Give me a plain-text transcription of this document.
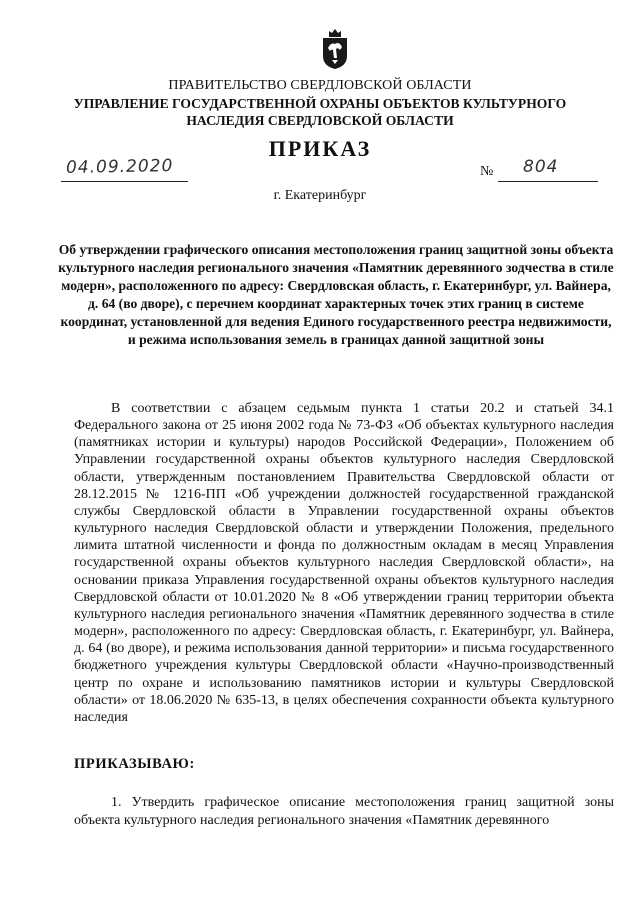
ПРАВИТЕЛЬСТВО СВЕРДЛОВСКОЙ ОБЛАСТИ
УПРАВЛЕНИЕ ГОСУДАРСТВЕННОЙ ОХРАНЫ ОБЪЕКТОВ КУЛЬТУРНОГО НАСЛЕДИЯ СВЕРДЛОВСКОЙ ОБЛАСТИ
ПРИКАЗ
04.09.2020	№ 804
г. Екатеринбург
Об утверждении графического описания местоположения границ защитной зоны объекта культурного наследия регионального значения «Памятник деревянного зодчества в стиле модерн», расположенного по адресу: Свердловская область, г. Екатеринбург, ул. Вайнера, д. 64 (во дворе), с перечнем координат характерных точек этих границ в системе координат, установленной для ведения Единого государственного реестра недвижимости, и режима использования земель в границах данной защитной зоны

В соответствии с абзацем седьмым пункта 1 статьи 20.2 и статьей 34.1 Федерального закона от 25 июня 2002 года № 73-ФЗ «Об объектах культурного наследия (памятниках истории и культуры) народов Российской Федерации», Положением об Управлении государственной охраны объектов культурного наследия Свердловской области, утвержденным постановлением Правительства Свердловской области от 28.12.2015 № 1216-ПП «Об учреждении должностей государственной гражданской службы Свердловской области в Управлении государственной охраны объектов культурного наследия Свердловской области и утверждении Положения, предельного лимита штатной численности и фонда по должностным окладам в месяц Управления государственной охраны объектов культурного наследия Свердловской области», на основании приказа Управления государственной охраны объектов культурного наследия Свердловской области от 10.01.2020 № 8 «Об утверждении границ территории объекта культурного наследия регионального значения «Памятник деревянного зодчества в стиле модерн», расположенного по адресу: Свердловская область, г. Екатеринбург, ул. Вайнера, д. 64 (во дворе), и режима использования данной территории» и письма государственного бюджетного учреждения культуры Свердловской области «Научно-производственный центр по охране и использованию памятников истории и культуры Свердловской области» от 18.06.2020 № 635-13, в целях обеспечения сохранности объекта культурного наследия

ПРИКАЗЫВАЮ:

1. Утвердить графическое описание местоположения границ защитной зоны объекта культурного наследия регионального значения «Памятник деревянного
